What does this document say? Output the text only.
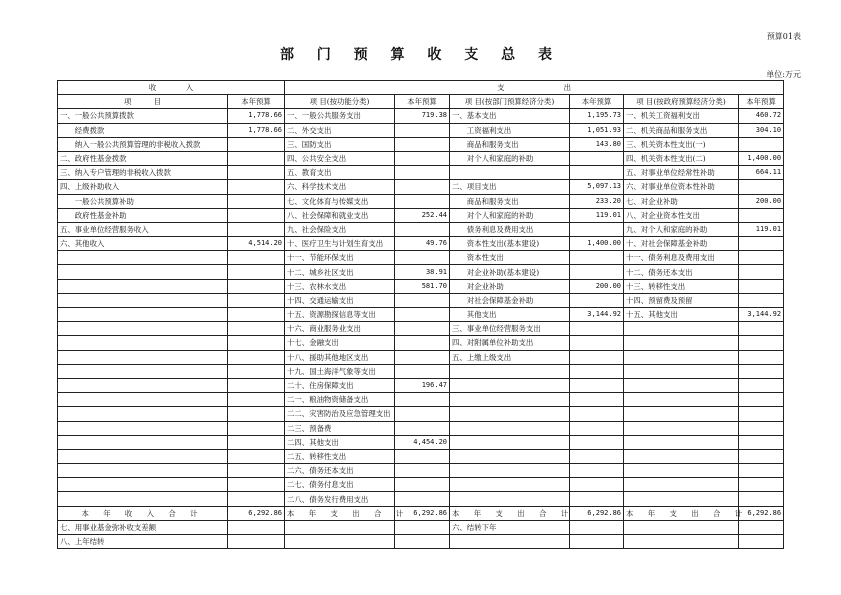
预算01表
部 门 预 算 收 支 总 表
单位:万元
收　　　　入		支　　　　　　　　出					
项　　　目	本年预算	项 目(按功能分类)	本年预算	项 目(按部门预算经济分类)	本年预算	项 目(按政府预算经济分类)	本年预算
一、一般公共预算拨款	1,778.66	一、一般公共服务支出	719.38	一、基本支出	1,195.73	一、机关工资福利支出	460.72
　　经费拨款	1,778.66	二、外交支出		　　工资福利支出	1,051.93	二、机关商品和服务支出	304.10
　　纳入一般公共预算管理的非税收入拨款		三、国防支出		　　商品和服务支出	143.80	三、机关资本性支出(一)	
二、政府性基金拨款		四、公共安全支出		　　对个人和家庭的补助		四、机关资本性支出(二)	1,400.00
三、纳入专户管理的非税收入拨款		五、教育支出				五、对事业单位经常性补助	664.11
四、上级补助收入		六、科学技术支出		二、项目支出	5,097.13	六、对事业单位资本性补助	
　　一般公共预算补助		七、文化体育与传媒支出		　　商品和服务支出	233.20	七、对企业补助	200.00
　　政府性基金补助		八、社会保障和就业支出	252.44	　　对个人和家庭的补助	119.01	八、对企业资本性支出	
五、事业单位经营服务收入		九、社会保险支出		　　债务利息及费用支出		九、对个人和家庭的补助	119.01
六、其他收入	4,514.20	十、医疗卫生与计划生育支出	49.76	　　资本性支出(基本建设)	1,400.00	十、对社会保障基金补助	
		十一、节能环保支出		　　资本性支出		十一、债务利息及费用支出	
		十二、城乡社区支出	38.91	　　对企业补助(基本建设)		十二、债务还本支出	
		十三、农林水支出	581.70	　　对企业补助	200.00	十三、转移性支出	
		十四、交通运输支出		　　对社会保障基金补助		十四、预留费及预留	
		十五、资源勘探信息等支出		　　其他支出	3,144.92	十五、其他支出	3,144.92
		十六、商业服务业支出		三、事业单位经营服务支出			
		十七、金融支出		四、对附属单位补助支出			
		十八、援助其他地区支出		五、上缴上级支出			
		十九、国土海洋气象等支出					
		二十、住房保障支出	196.47				
		二一、粮油物资储备支出					
		二二、灾害防治及应急管理支出					
		二三、预备费					
		二四、其他支出	4,454.20				
		二五、转移性支出					
		二六、债务还本支出					
		二七、债务付息支出					
		二八、债务发行费用支出					
本 年 收 入 合 计	6,292.86	本 年 支 出 合 计	6,292.86	本 年 支 出 合 计	6,292.86	本 年 支 出 合 计	6,292.86
七、用事业基金弥补收支差额				六、结转下年			
八、上年结转							
